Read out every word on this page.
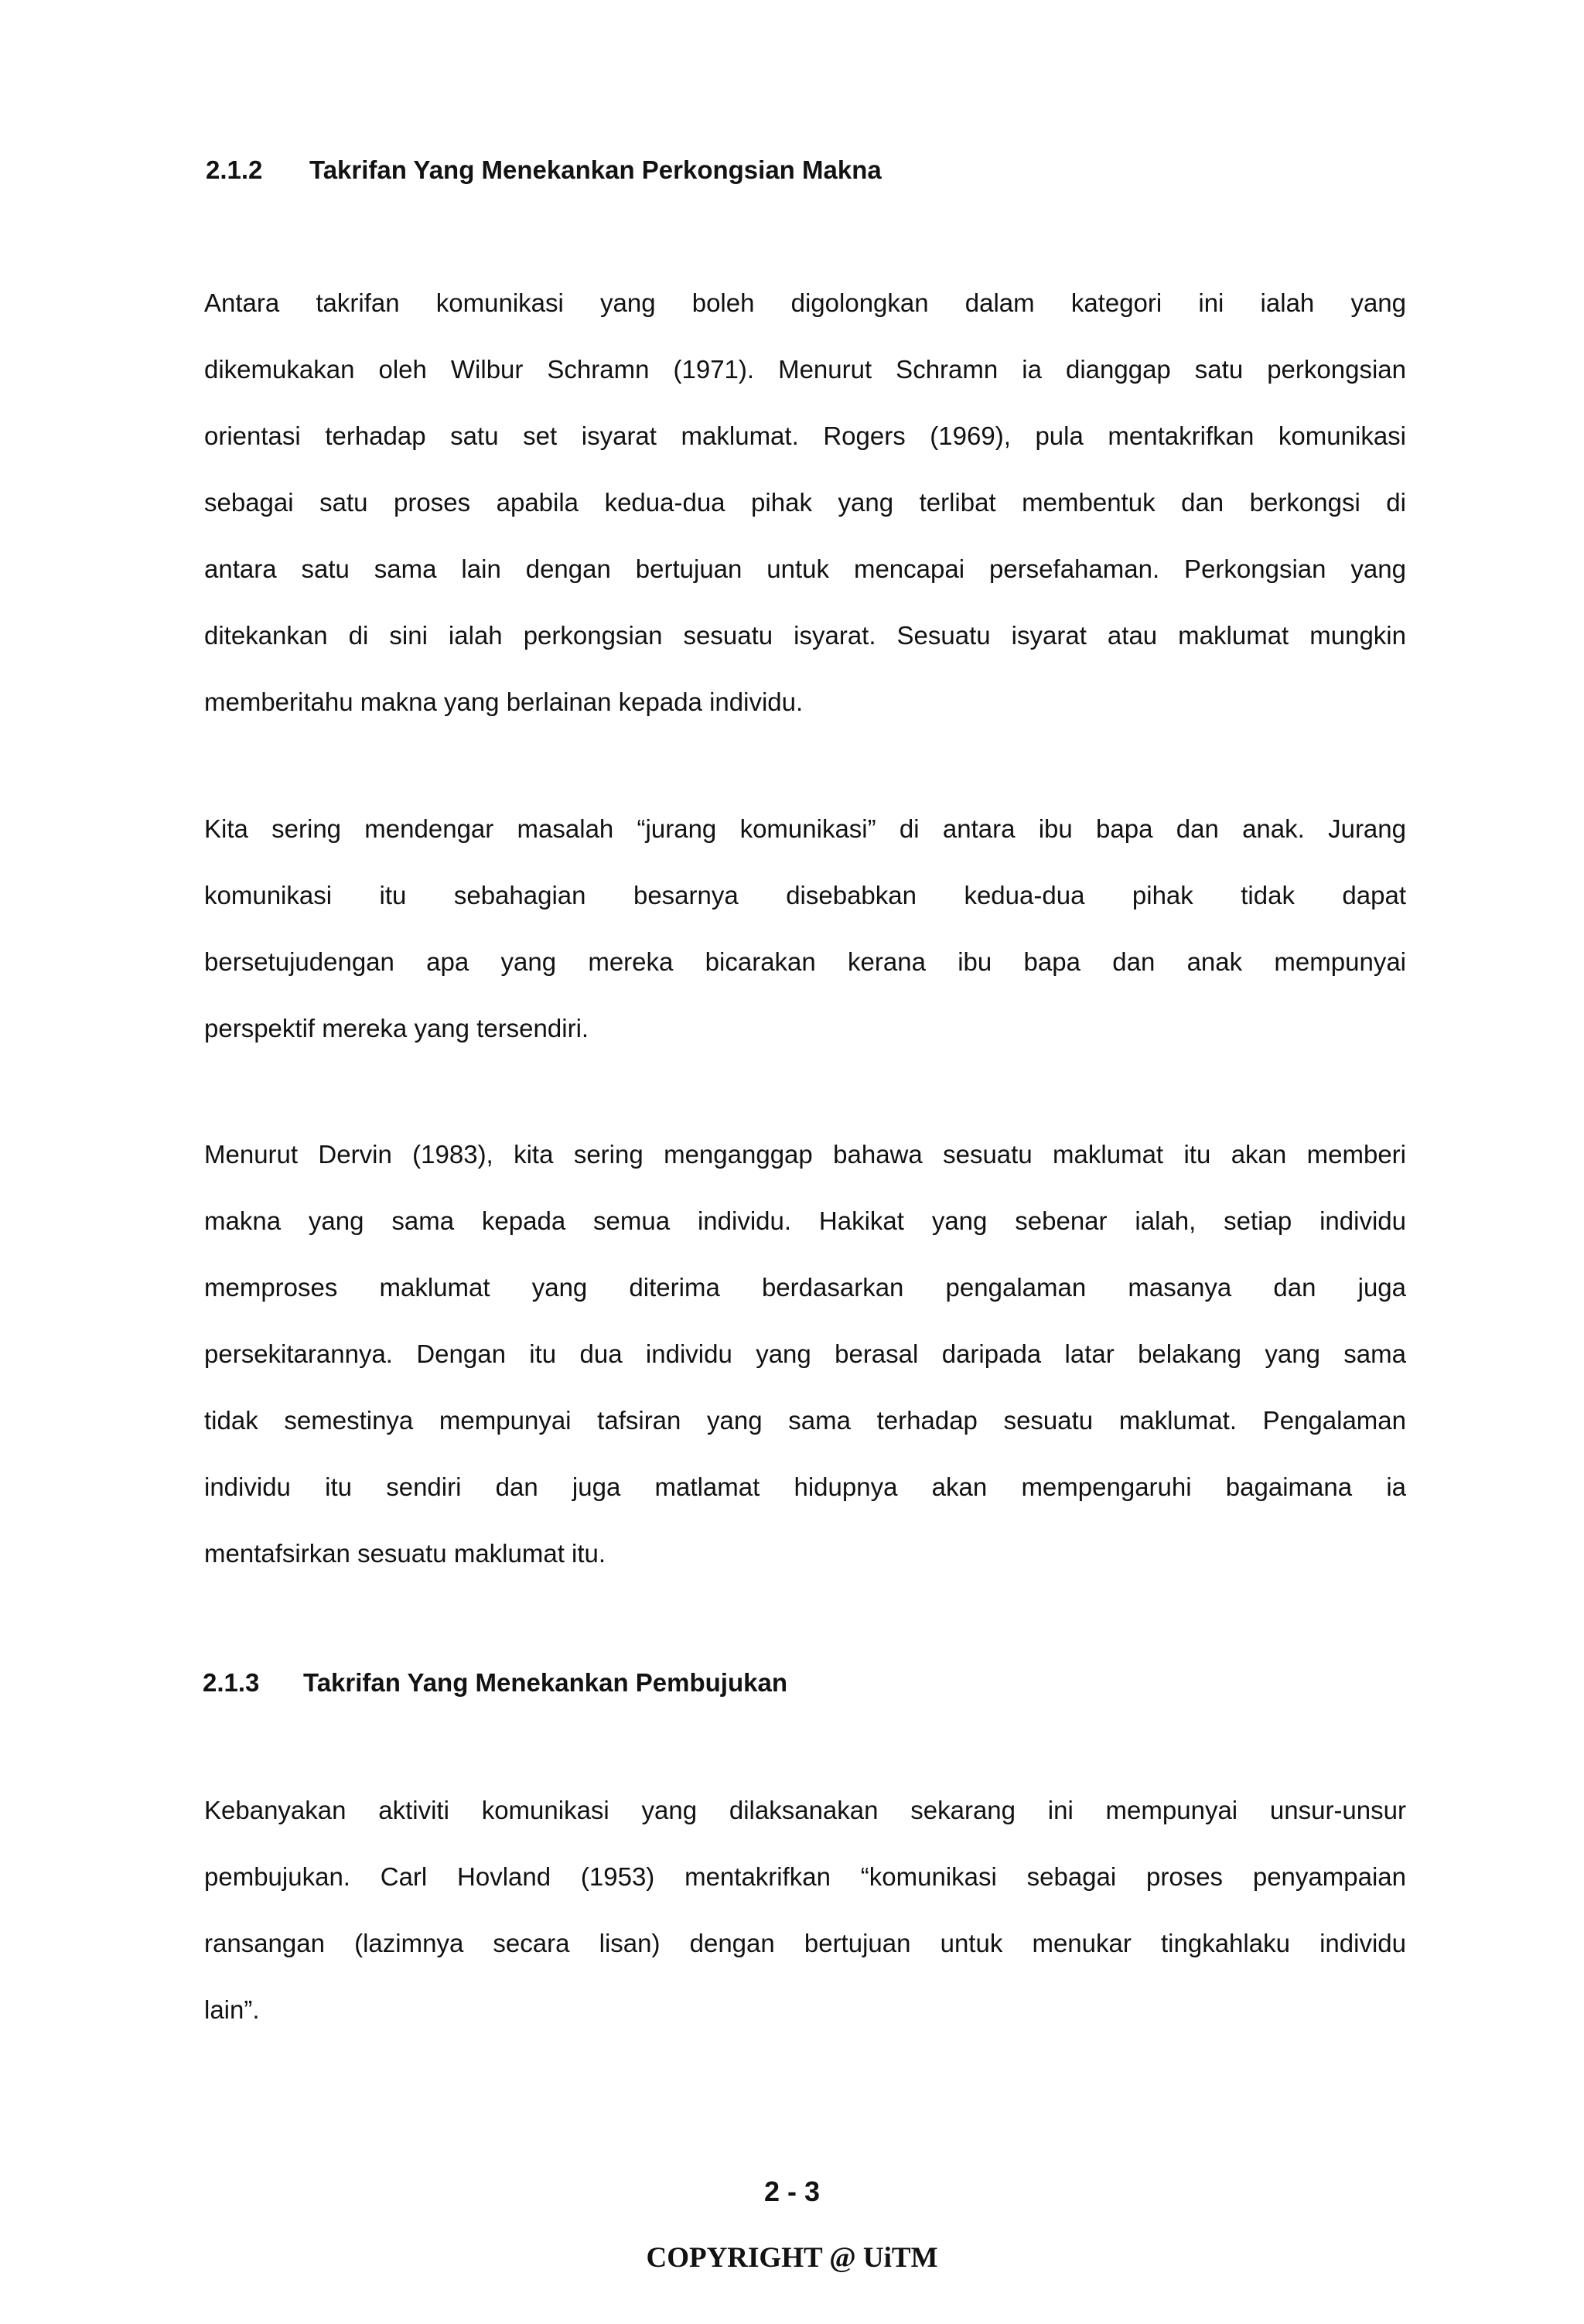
2.1.2 Takrifan Yang Menekankan Perkongsian Makna
Antara takrifan komunikasi yang boleh digolongkan dalam kategori ini ialah yang
dikemukakan oleh Wilbur Schramn (1971). Menurut Schramn ia dianggap satu perkongsian
orientasi terhadap satu set isyarat maklumat. Rogers (1969), pula mentakrifkan komunikasi
sebagai satu proses apabila kedua-dua pihak yang terlibat membentuk dan berkongsi di
antara satu sama lain dengan bertujuan untuk mencapai persefahaman. Perkongsian yang
ditekankan di sini ialah perkongsian sesuatu isyarat. Sesuatu isyarat atau maklumat mungkin
memberitahu makna yang berlainan kepada individu.
Kita sering mendengar masalah “jurang komunikasi” di antara ibu bapa dan anak. Jurang
komunikasi itu sebahagian besarnya disebabkan kedua-dua pihak tidak dapat
bersetujudengan apa yang mereka bicarakan kerana ibu bapa dan anak mempunyai
perspektif mereka yang tersendiri.
Menurut Dervin (1983), kita sering menganggap bahawa sesuatu maklumat itu akan memberi
makna yang sama kepada semua individu. Hakikat yang sebenar ialah, setiap individu
memproses maklumat yang diterima berdasarkan pengalaman masanya dan juga
persekitarannya. Dengan itu dua individu yang berasal daripada latar belakang yang sama
tidak semestinya mempunyai tafsiran yang sama terhadap sesuatu maklumat. Pengalaman
individu itu sendiri dan juga matlamat hidupnya akan mempengaruhi bagaimana ia
mentafsirkan sesuatu maklumat itu.
2.1.3 Takrifan Yang Menekankan Pembujukan
Kebanyakan aktiviti komunikasi yang dilaksanakan sekarang ini mempunyai unsur-unsur
pembujukan. Carl Hovland (1953) mentakrifkan “komunikasi sebagai proses penyampaian
ransangan (lazimnya secara lisan) dengan bertujuan untuk menukar tingkahlaku individu
lain”.
2 - 3
COPYRIGHT @ UiTM
